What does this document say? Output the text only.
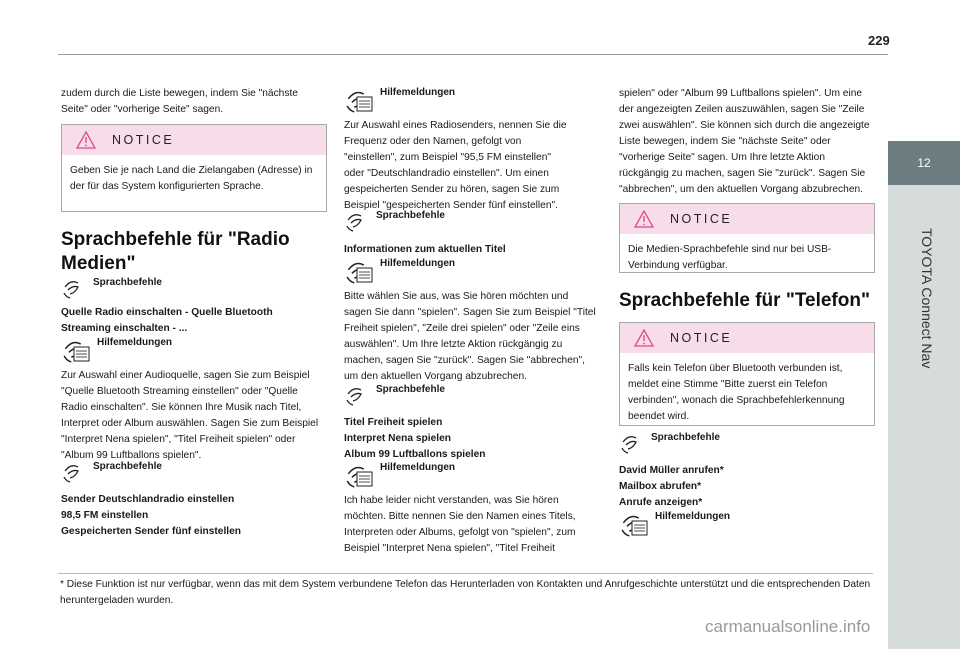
229
12
TOYOTA Connect Nav

zudem durch die Liste bewegen, indem Sie "nächste Seite" oder "vorherige Seite" sagen.

NOTICE

Geben Sie je nach Land die Zielangaben (Adresse) in der für das System konfigurierten Sprache.

Sprachbefehle für "Radio Medien"
Sprachbefehle

Quelle Radio einschalten - Quelle Bluetooth Streaming einschalten - ...

Hilfemeldungen

Zur Auswahl einer Audioquelle, sagen Sie zum Beispiel "Quelle Bluetooth Streaming einstellen" oder "Quelle Radio einschalten". Sie können Ihre Musik nach Titel, Interpret oder Album auswählen. Sagen Sie zum Beispiel "Interpret Nena spielen", "Titel Freiheit spielen" oder "Album 99 Luftballons spielen".

Sprachbefehle

Sender Deutschlandradio einstellen
98,5 FM einstellen
Gespeicherten Sender fünf einstellen

Hilfemeldungen

Zur Auswahl eines Radiosenders, nennen Sie die Frequenz oder den Namen, gefolgt von "einstellen", zum Beispiel "95,5 FM einstellen" oder "Deutschlandradio einstellen". Um einen gespeicherten Sender zu hören, sagen Sie zum Beispiel "gespeicherten Sender fünf einstellen".

Sprachbefehle

Informationen zum aktuellen Titel

Hilfemeldungen

Bitte wählen Sie aus, was Sie hören möchten und sagen Sie dann "spielen". Sagen Sie zum Beispiel "Titel Freiheit spielen", "Zeile drei spielen" oder "Zeile eins auswählen". Um Ihre letzte Aktion rückgängig zu machen, sagen Sie "zurück". Sagen Sie "abbrechen", um den aktuellen Vorgang abzubrechen.

Sprachbefehle

Titel Freiheit spielen
Interpret Nena spielen
Album 99 Luftballons spielen

Hilfemeldungen

Ich habe leider nicht verstanden, was Sie hören möchten. Bitte nennen Sie den Namen eines Titels, Interpreten oder Albums, gefolgt von "spielen", zum Beispiel "Interpret Nena spielen", "Titel Freiheit

spielen" oder "Album 99 Luftballons spielen". Um eine der angezeigten Zeilen auszuwählen, sagen Sie "Zeile zwei auswählen". Sie können sich durch die angezeigte Liste bewegen, indem Sie "nächste Seite" oder "vorherige Seite" sagen. Um Ihre letzte Aktion rückgängig zu machen, sagen Sie "zurück". Sagen Sie "abbrechen", um den aktuellen Vorgang abzubrechen.

NOTICE

Die Medien-Sprachbefehle sind nur bei USB-Verbindung verfügbar.

Sprachbefehle für "Telefon"
NOTICE

Falls kein Telefon über Bluetooth verbunden ist, meldet eine Stimme "Bitte zuerst ein Telefon verbinden", wonach die Sprachbefehlerkennung beendet wird.

Sprachbefehle

David Müller anrufen*
Mailbox abrufen*
Anrufe anzeigen*

Hilfemeldungen

* Diese Funktion ist nur verfügbar, wenn das mit dem System verbundene Telefon das Herunterladen von Kontakten und Anrufgeschichte unterstützt und die entsprechenden Daten heruntergeladen wurden.

carmanualsonline.info
